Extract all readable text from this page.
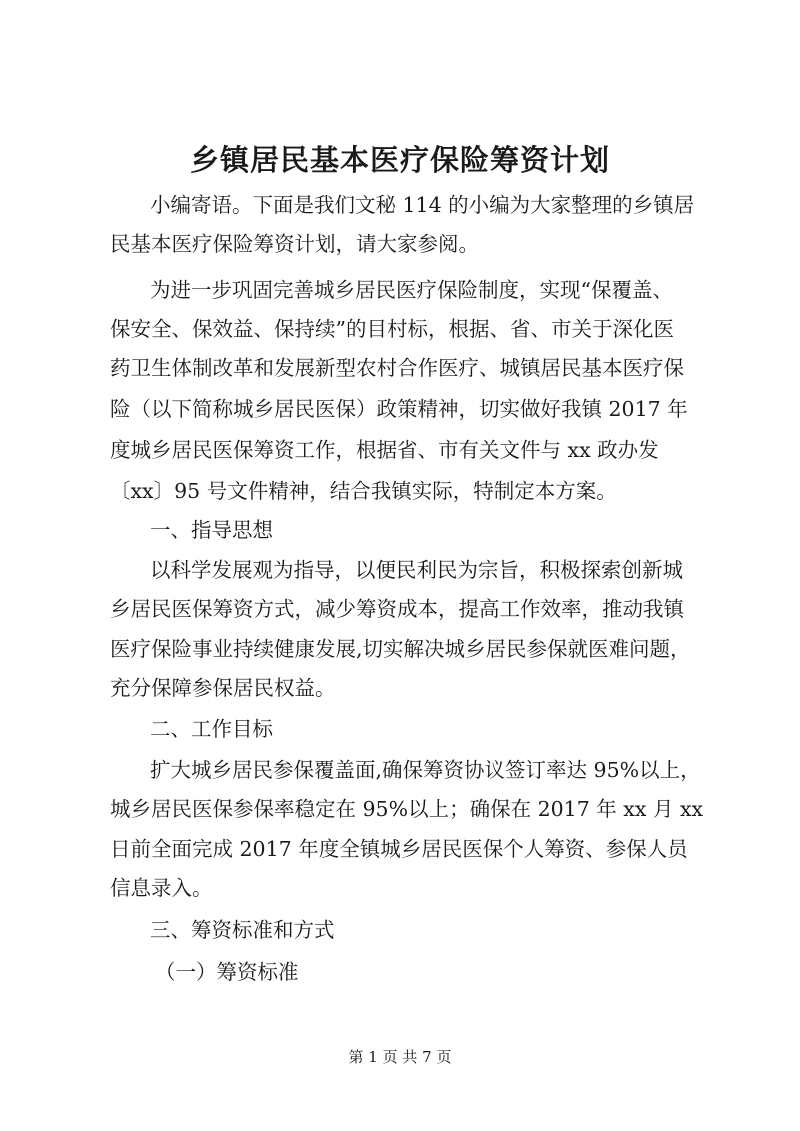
乡镇居民基本医疗保险筹资计划
小编寄语。下面是我们文秘 114 的小编为大家整理的乡镇居
民基本医疗保险筹资计划，请大家参阅。
为进一步巩固完善城乡居民医疗保险制度，实现“保覆盖、
保安全、保效益、保持续”的目村标，根据、省、市关于深化医
药卫生体制改革和发展新型农村合作医疗、城镇居民基本医疗保
险（以下简称城乡居民医保）政策精神，切实做好我镇 2017 年
度城乡居民医保筹资工作，根据省、市有关文件与 xx 政办发
〔xx〕95 号文件精神，结合我镇实际，特制定本方案。
一、指导思想
以科学发展观为指导，以便民利民为宗旨，积极探索创新城
乡居民医保筹资方式，减少筹资成本，提高工作效率，推动我镇
医疗保险事业持续健康发展,切实解决城乡居民参保就医难问题，
充分保障参保居民权益。
二、工作目标
扩大城乡居民参保覆盖面,确保筹资协议签订率达 95%以上，
城乡居民医保参保率稳定在 95%以上；确保在 2017 年 xx 月 xx
日前全面完成 2017 年度全镇城乡居民医保个人筹资、参保人员
信息录入。
三、筹资标准和方式
（一）筹资标准
第 1 页 共 7 页
